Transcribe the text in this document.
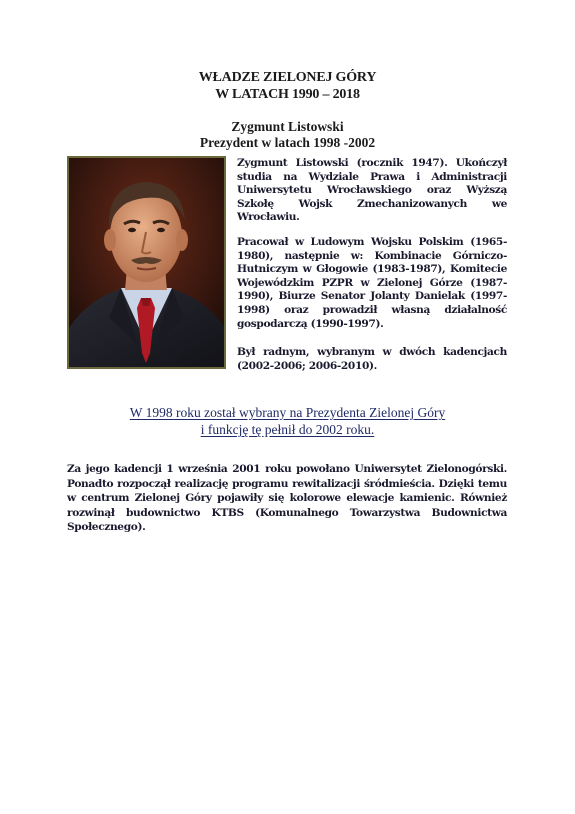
WŁADZE ZIELONEJ GÓRY
W LATACH 1990 – 2018
Zygmunt Listowski
Prezydent w latach 1998 -2002
Zygmunt Listowski (rocznik 1947). Ukończył studia na Wydziale Prawa i Administracji Uniwersytetu Wrocławskiego oraz Wyższą Szkołę Wojsk Zmechanizowanych we Wrocławiu.
Pracował w Ludowym Wojsku Polskim (1965-1980), następnie w: Kombinacie Górniczo-Hutniczym w Głogowie (1983-1987), Komitecie Wojewódzkim PZPR w Zielonej Górze (1987-1990), Biurze Senator Jolanty Danielak (1997-1998) oraz prowadził własną działalność gospodarczą (1990-1997).
Był radnym, wybranym w dwóch kadencjach (2002-2006; 2006-2010).
W 1998 roku został wybrany na Prezydenta Zielonej Góry
i funkcję tę pełnił do 2002 roku.
Za jego kadencji 1 września 2001 roku powołano Uniwersytet Zielonogórski. Ponadto rozpoczął realizację programu rewitalizacji śródmieścia. Dzięki temu w centrum Zielonej Góry pojawiły się kolorowe elewacje kamienic. Również rozwinął budownictwo KTBS (Komunalnego Towarzystwa Budownictwa Społecznego).
